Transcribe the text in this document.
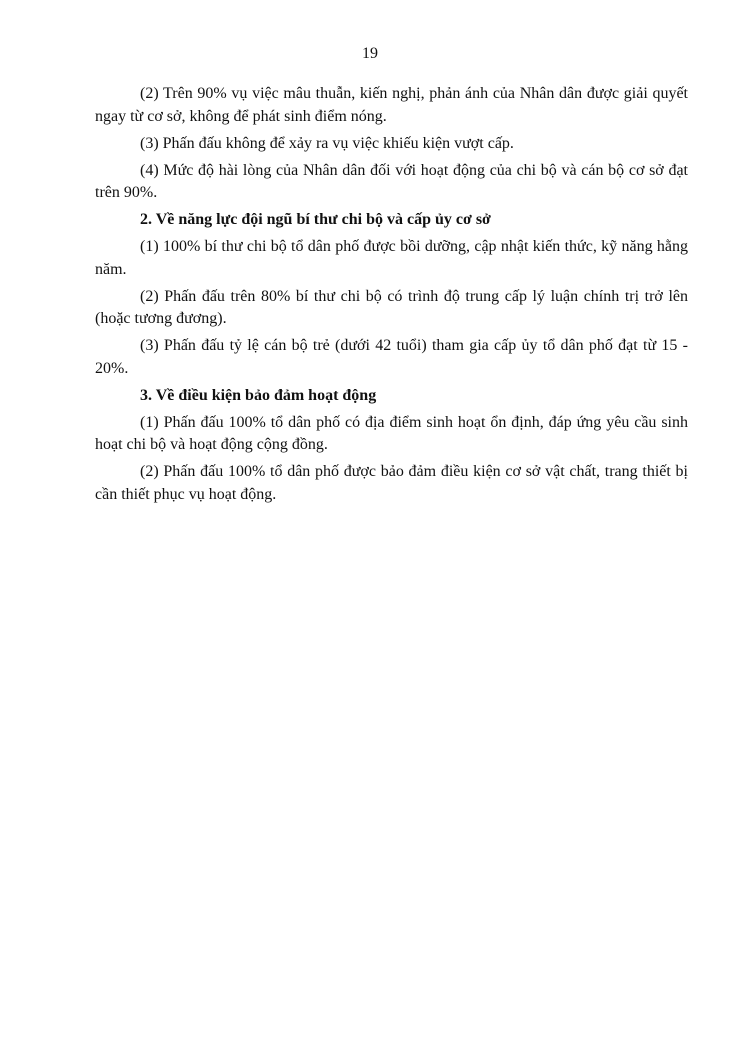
19

(2) Trên 90% vụ việc mâu thuẫn, kiến nghị, phản ánh của Nhân dân được giải quyết ngay từ cơ sở, không để phát sinh điểm nóng.

(3) Phấn đấu không để xảy ra vụ việc khiếu kiện vượt cấp.

(4) Mức độ hài lòng của Nhân dân đối với hoạt động của chi bộ và cán bộ cơ sở đạt trên 90%.

2. Về năng lực đội ngũ bí thư chi bộ và cấp ủy cơ sở

(1) 100% bí thư chi bộ tổ dân phố được bồi dưỡng, cập nhật kiến thức, kỹ năng hằng năm.

(2) Phấn đấu trên 80% bí thư chi bộ có trình độ trung cấp lý luận chính trị trở lên (hoặc tương đương).

(3) Phấn đấu tỷ lệ cán bộ trẻ (dưới 42 tuổi) tham gia cấp ủy tổ dân phố đạt từ 15 - 20%.

3. Về điều kiện bảo đảm hoạt động

(1) Phấn đấu 100% tổ dân phố có địa điểm sinh hoạt ổn định, đáp ứng yêu cầu sinh hoạt chi bộ và hoạt động cộng đồng.

(2) Phấn đấu 100% tổ dân phố được bảo đảm điều kiện cơ sở vật chất, trang thiết bị cần thiết phục vụ hoạt động.
